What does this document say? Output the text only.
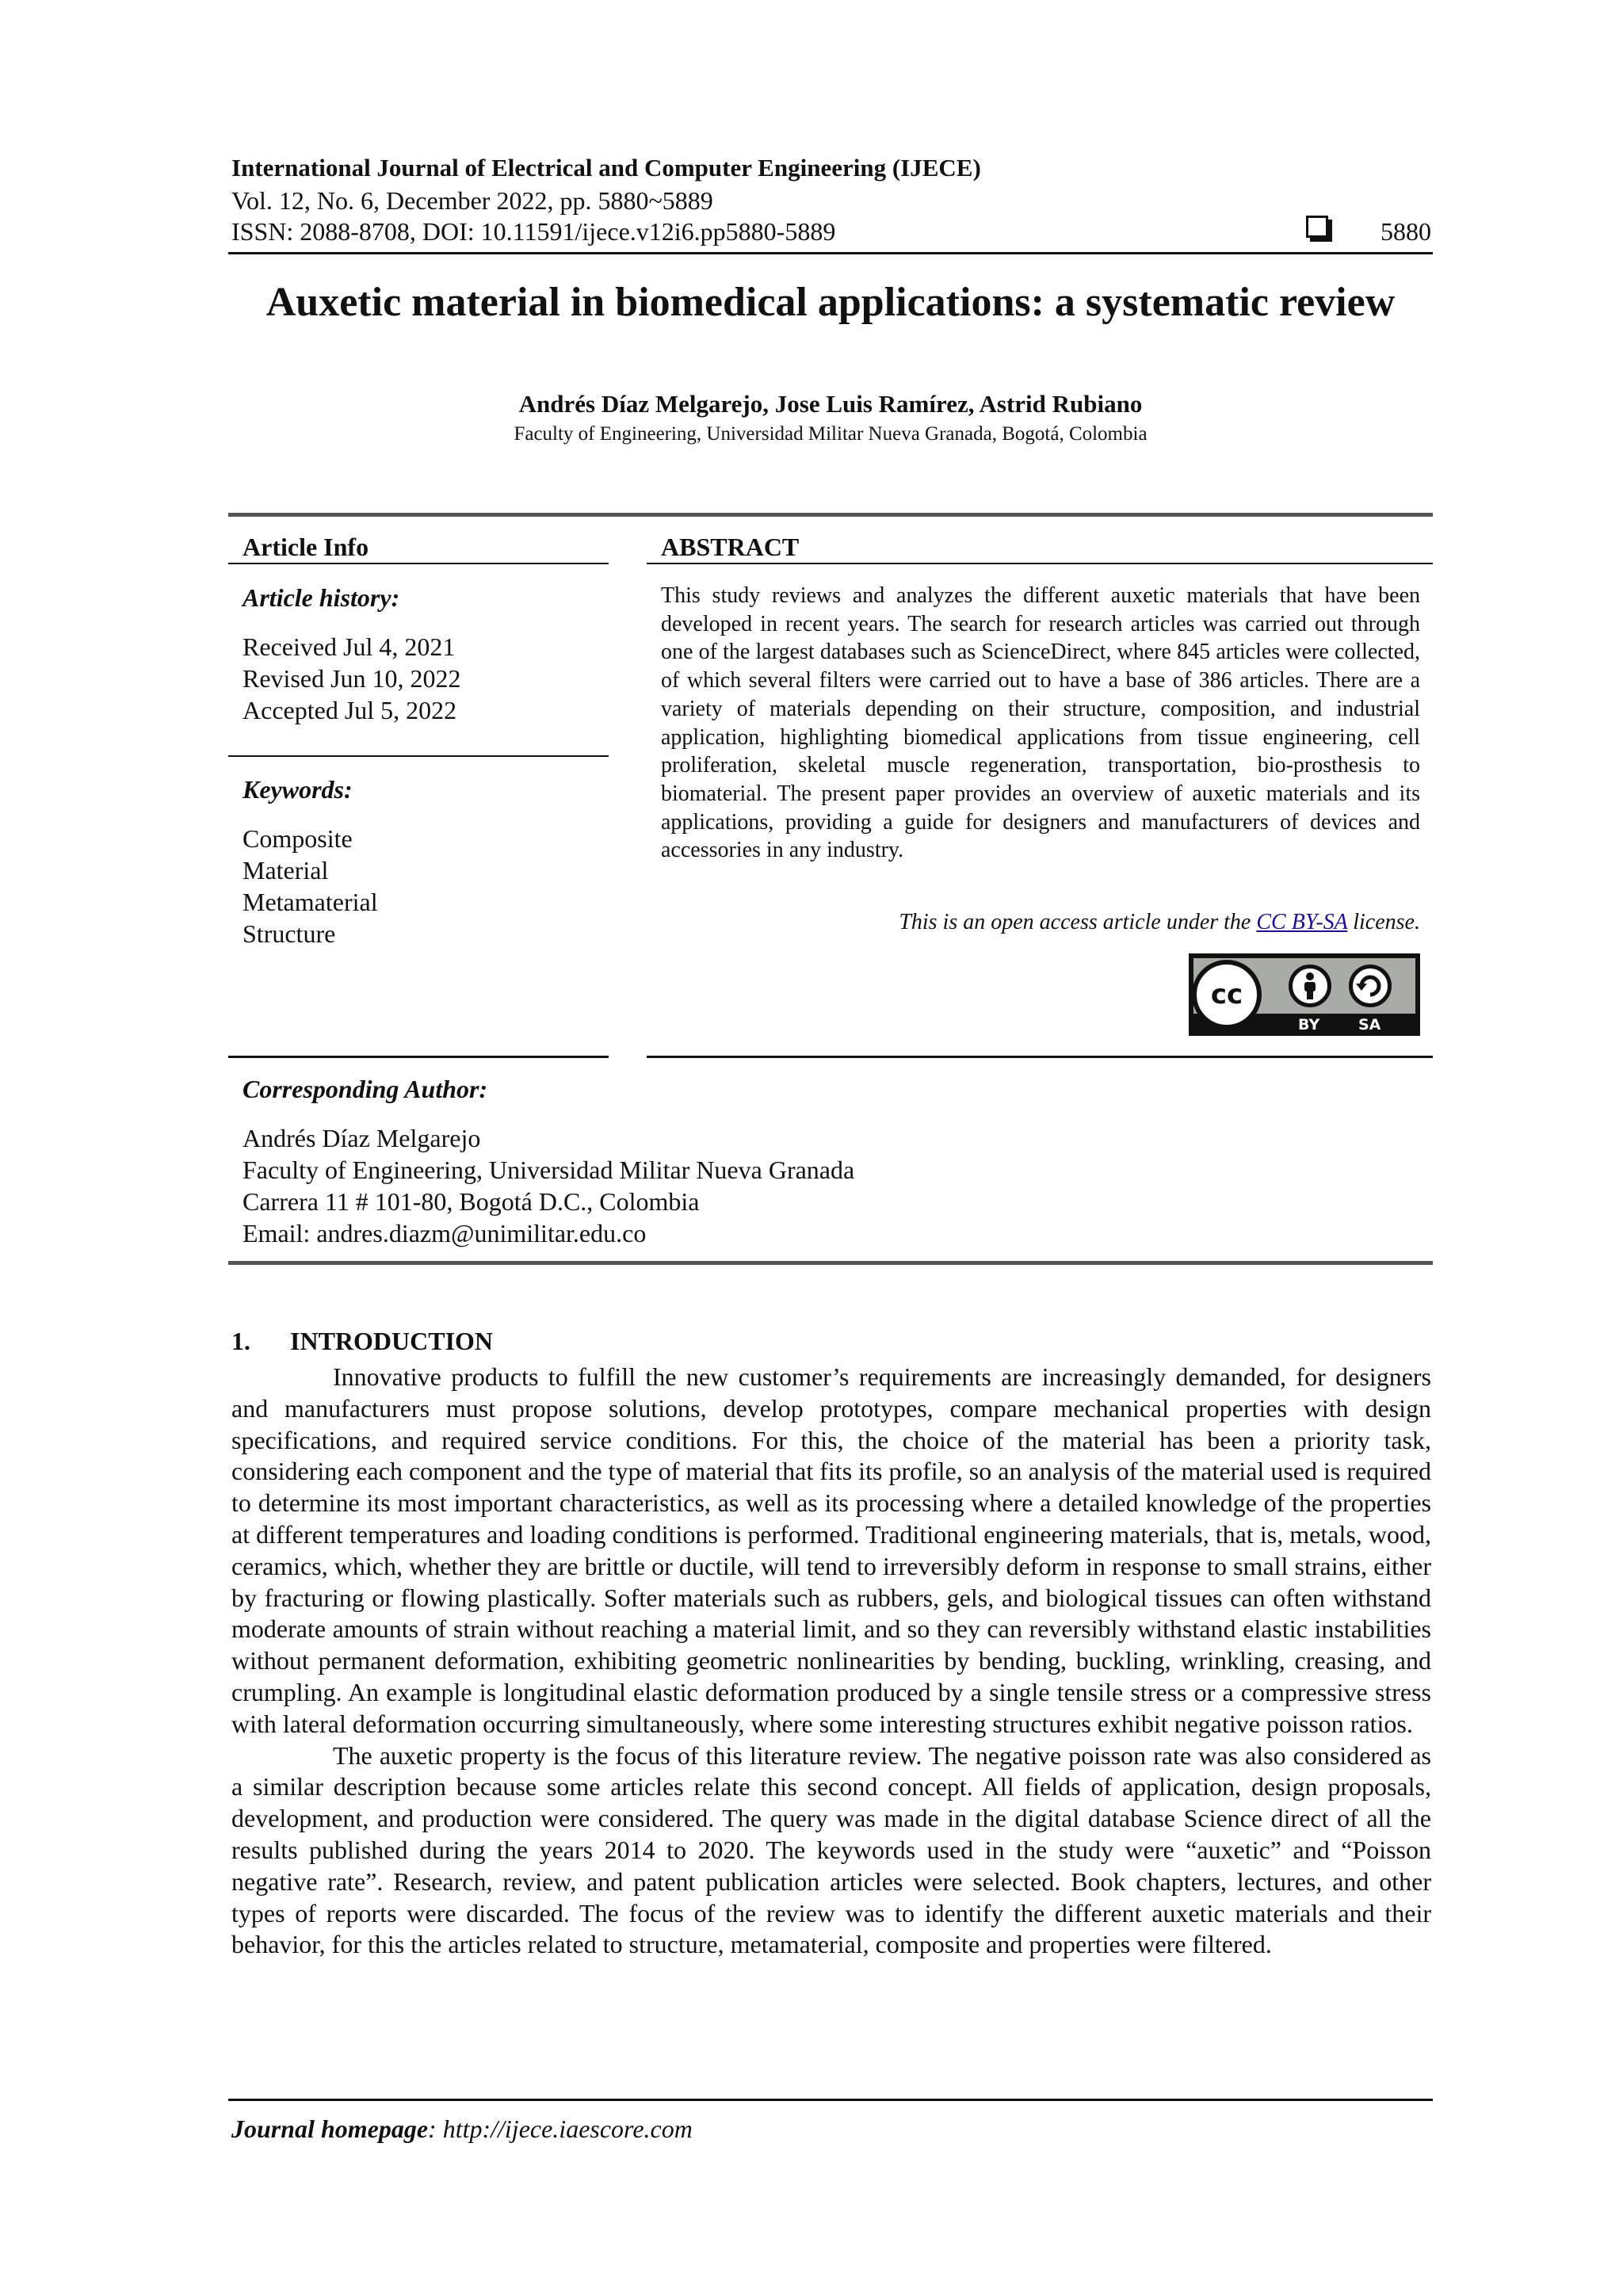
International Journal of Electrical and Computer Engineering (IJECE)
Vol. 12, No. 6, December 2022, pp. 5880~5889
ISSN: 2088-8708, DOI: 10.11591/ijece.v12i6.pp5880-5889	5880
Auxetic material in biomedical applications: a systematic review
Andrés Díaz Melgarejo, Jose Luis Ramírez, Astrid Rubiano
Faculty of Engineering, Universidad Militar Nueva Granada, Bogotá, Colombia
Article Info
Article history:
Received Jul 4, 2021
Revised Jun 10, 2022
Accepted Jul 5, 2022
Keywords:
Composite
Material
Metamaterial
Structure
ABSTRACT
This study reviews and analyzes the different auxetic materials that have been developed in recent years. The search for research articles was carried out through one of the largest databases such as ScienceDirect, where 845 articles were collected, of which several filters were carried out to have a base of 386 articles. There are a variety of materials depending on their structure, composition, and industrial application, highlighting biomedical applications from tissue engineering, cell proliferation, skeletal muscle regeneration, transportation, bio-prosthesis to biomaterial. The present paper provides an overview of auxetic materials and its applications, providing a guide for designers and manufacturers of devices and accessories in any industry.
This is an open access article under the CC BY-SA license.
cc
BY	SA
Corresponding Author:
Andrés Díaz Melgarejo
Faculty of Engineering, Universidad Militar Nueva Granada
Carrera 11 # 101-80, Bogotá D.C., Colombia
Email: andres.diazm@unimilitar.edu.co
1. INTRODUCTION

Innovative products to fulfill the new customer’s requirements are increasingly demanded, for designers and manufacturers must propose solutions, develop prototypes, compare mechanical properties with design specifications, and required service conditions. For this, the choice of the material has been a priority task, considering each component and the type of material that fits its profile, so an analysis of the material used is required to determine its most important characteristics, as well as its processing where a detailed knowledge of the properties at different temperatures and loading conditions is performed. Traditional engineering materials, that is, metals, wood, ceramics, which, whether they are brittle or ductile, will tend to irreversibly deform in response to small strains, either by fracturing or flowing plastically. Softer materials such as rubbers, gels, and biological tissues can often withstand moderate amounts of strain without reaching a material limit, and so they can reversibly withstand elastic instabilities without permanent deformation, exhibiting geometric nonlinearities by bending, buckling, wrinkling, creasing, and crumpling. An example is longitudinal elastic deformation produced by a single tensile stress or a compressive stress with lateral deformation occurring simultaneously, where some interesting structures exhibit negative poisson ratios.

The auxetic property is the focus of this literature review. The negative poisson rate was also considered as a similar description because some articles relate this second concept. All fields of application, design proposals, development, and production were considered. The query was made in the digital database Science direct of all the results published during the years 2014 to 2020. The keywords used in the study were “auxetic” and “Poisson negative rate”. Research, review, and patent publication articles were selected. Book chapters, lectures, and other types of reports were discarded. The focus of the review was to identify the different auxetic materials and their behavior, for this the articles related to structure, metamaterial, composite and properties were filtered.

Journal homepage: http://ijece.iaescore.com
